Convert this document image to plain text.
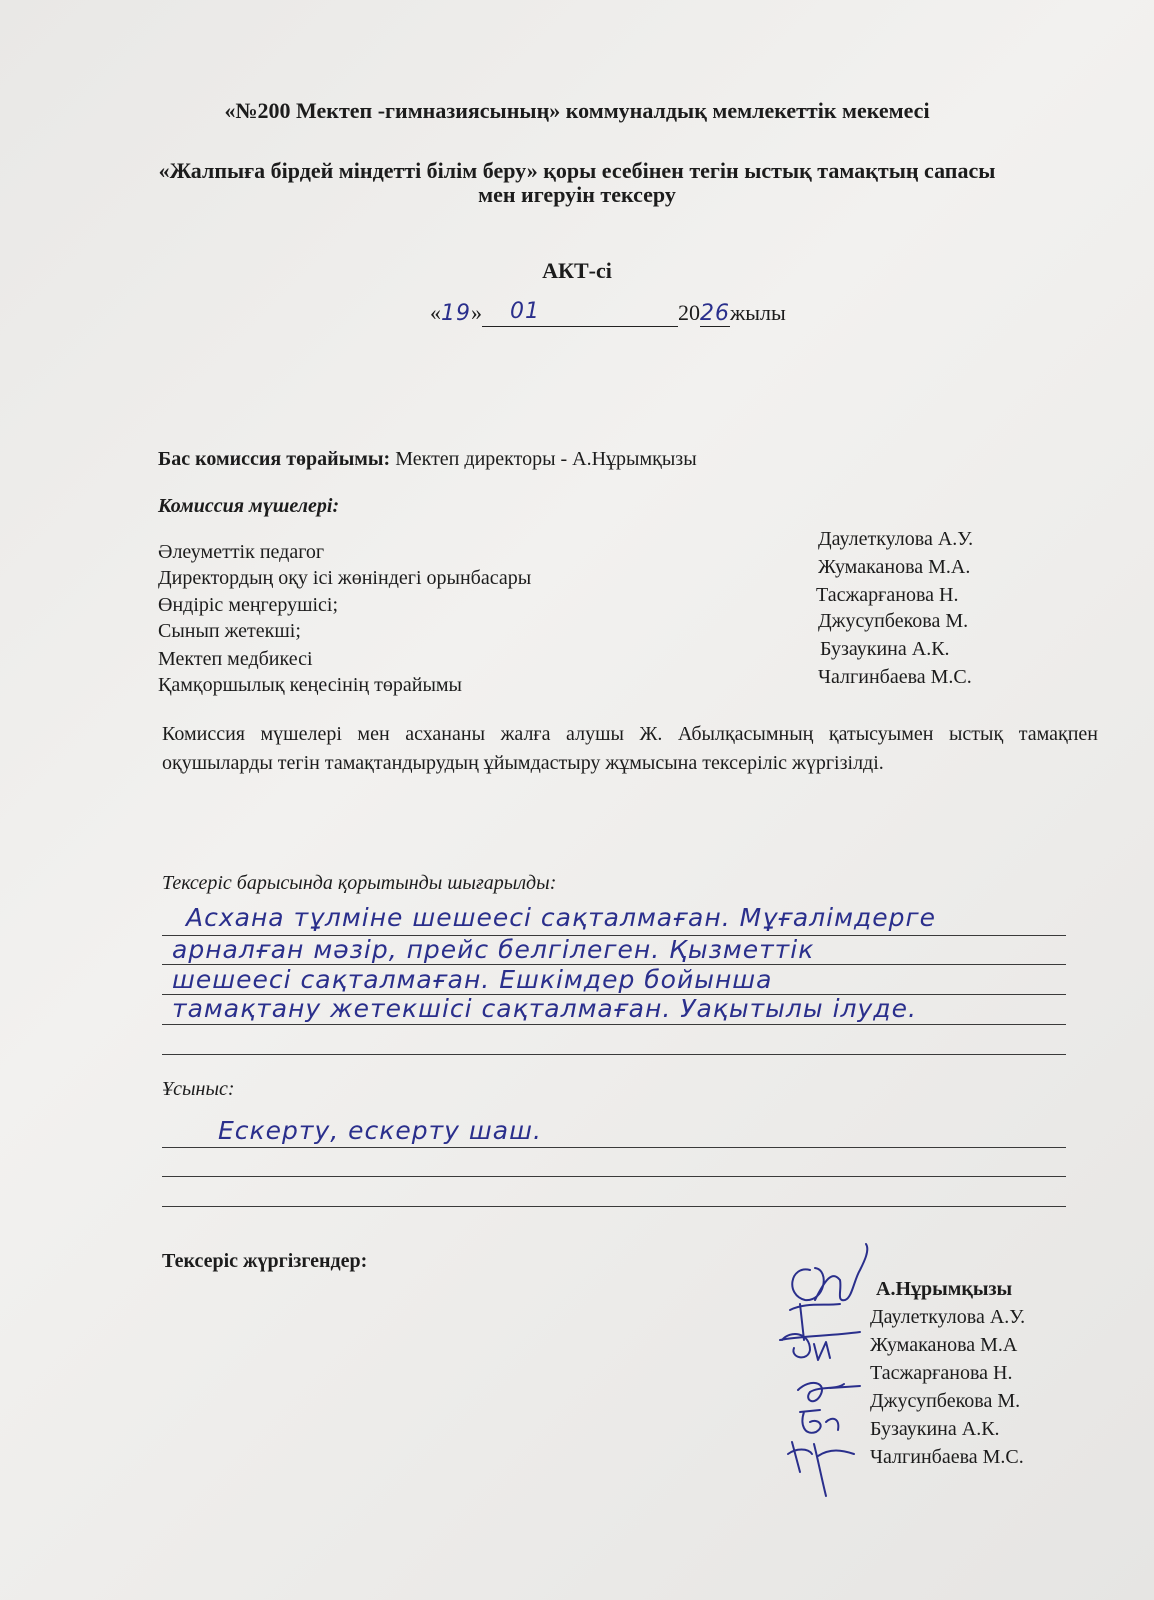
«№200 Мектеп -гимназиясының» коммуналдық мемлекеттік мекемесі
«Жалпыға бірдей міндетті білім беру» қоры есебінен тегін ыстық тамақтың сапасы
мен игеруін тексеру
АКТ-сі
«19» 01	2026жылы
Бас комиссия төрайымы: Мектеп директоры - А.Нұрымқызы
Комиссия мүшелері:
Әлеуметтік педагог
Директордың оқу ісі жөніндегі орынбасары
Өндіріс меңгерушісі;
Сынып жетекші;
Мектеп медбикесі
Қамқоршылық кеңесінің төрайымы
Даулеткулова А.У.
Жумаканова М.А.
Тасжарғанова Н.
Джусупбекова М.
Бузаукина А.К.
Чалгинбаева М.С.
Комиссия мүшелері мен асхананы жалға алушы Ж. Абылқасымның қатысуымен ыстық тамақпен оқушыларды тегін тамақтандырудың ұйымдастыру жұмысына тексеріліс жүргізілді.
Тексеріс барысында қорытынды шығарылды:
Асхана тұлміне шешеесі сақталмаған. Мұғалімдерге
арналған мәзір, прейс белгілеген. Қызметтік
шешеесі сақталмаған. Ешкімдер бойынша
тамақтану жетекшісі сақталмаған. Уақытылы ілуде.
Ұсыныс:
Ескерту, ескерту шаш.
Тексеріс жүргізгендер:
А.Нұрымқызы
Даулеткулова А.У.
Жумаканова М.А
Тасжарғанова Н.
Джусупбекова М.
Бузаукина А.К.
Чалгинбаева М.С.
